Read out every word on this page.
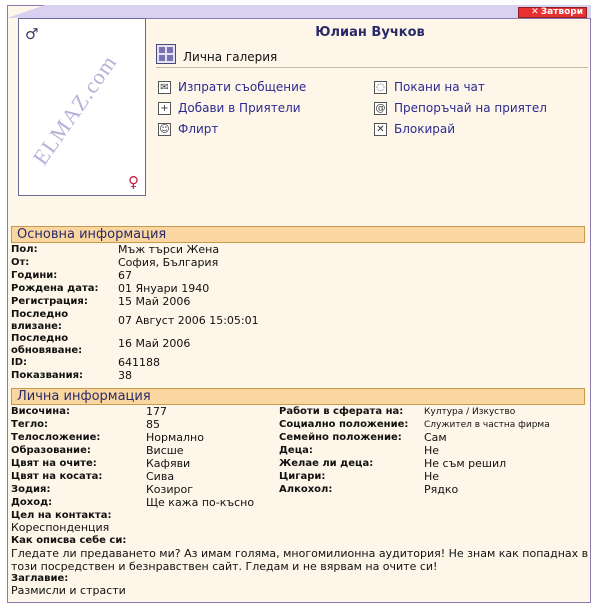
✕ Зaтвори
♂
ELMAZ.com
♀
Юлиан Вучков
Лична галерия
✉ Изпрати съобщение
+ Добави в Приятели
☺ Флирт
◌ Покани на чат
@ Препоръчай на приятел
✕ Блокирай
Основна информация
Пол:	Мъж търси Жена
От:	София, България
Години:	67
Рождена дата: 01 Януари 1940
Регистрация:	15 Май 2006
Последно влизане:	07 Август 2006 15:05:01
Последно обновяване:
16 Май 2006
ID:	641188
Показвания:	38
Лична информация
Височина:	177
Тегло:	85
Телосложение:	Нормално
Образование:	Висше
Цвят на очите:	Кафяви
Цвят на косата:	Сива
Зодия:	Козирог
Доход:	Ще кажа по-късно
Работи в сферата на: Култура / Изкуство
Социално положение: Служител в частна фирма
Семейно положение: Сам
Деца:	Не
Желае ли деца:	Не съм решил
Цигари:	Не
Алкохол:	Рядко
Цел на контакта:
Кореспонденция
Как описва себе си:
Гледате ли предаването ми? Аз имам голяма, многомилионна аудитория! Не знам как попаднах в този посредствен и безнравствен сайт. Гледам и не вярвам на очите си!
Заглавие:
Размисли и страсти
